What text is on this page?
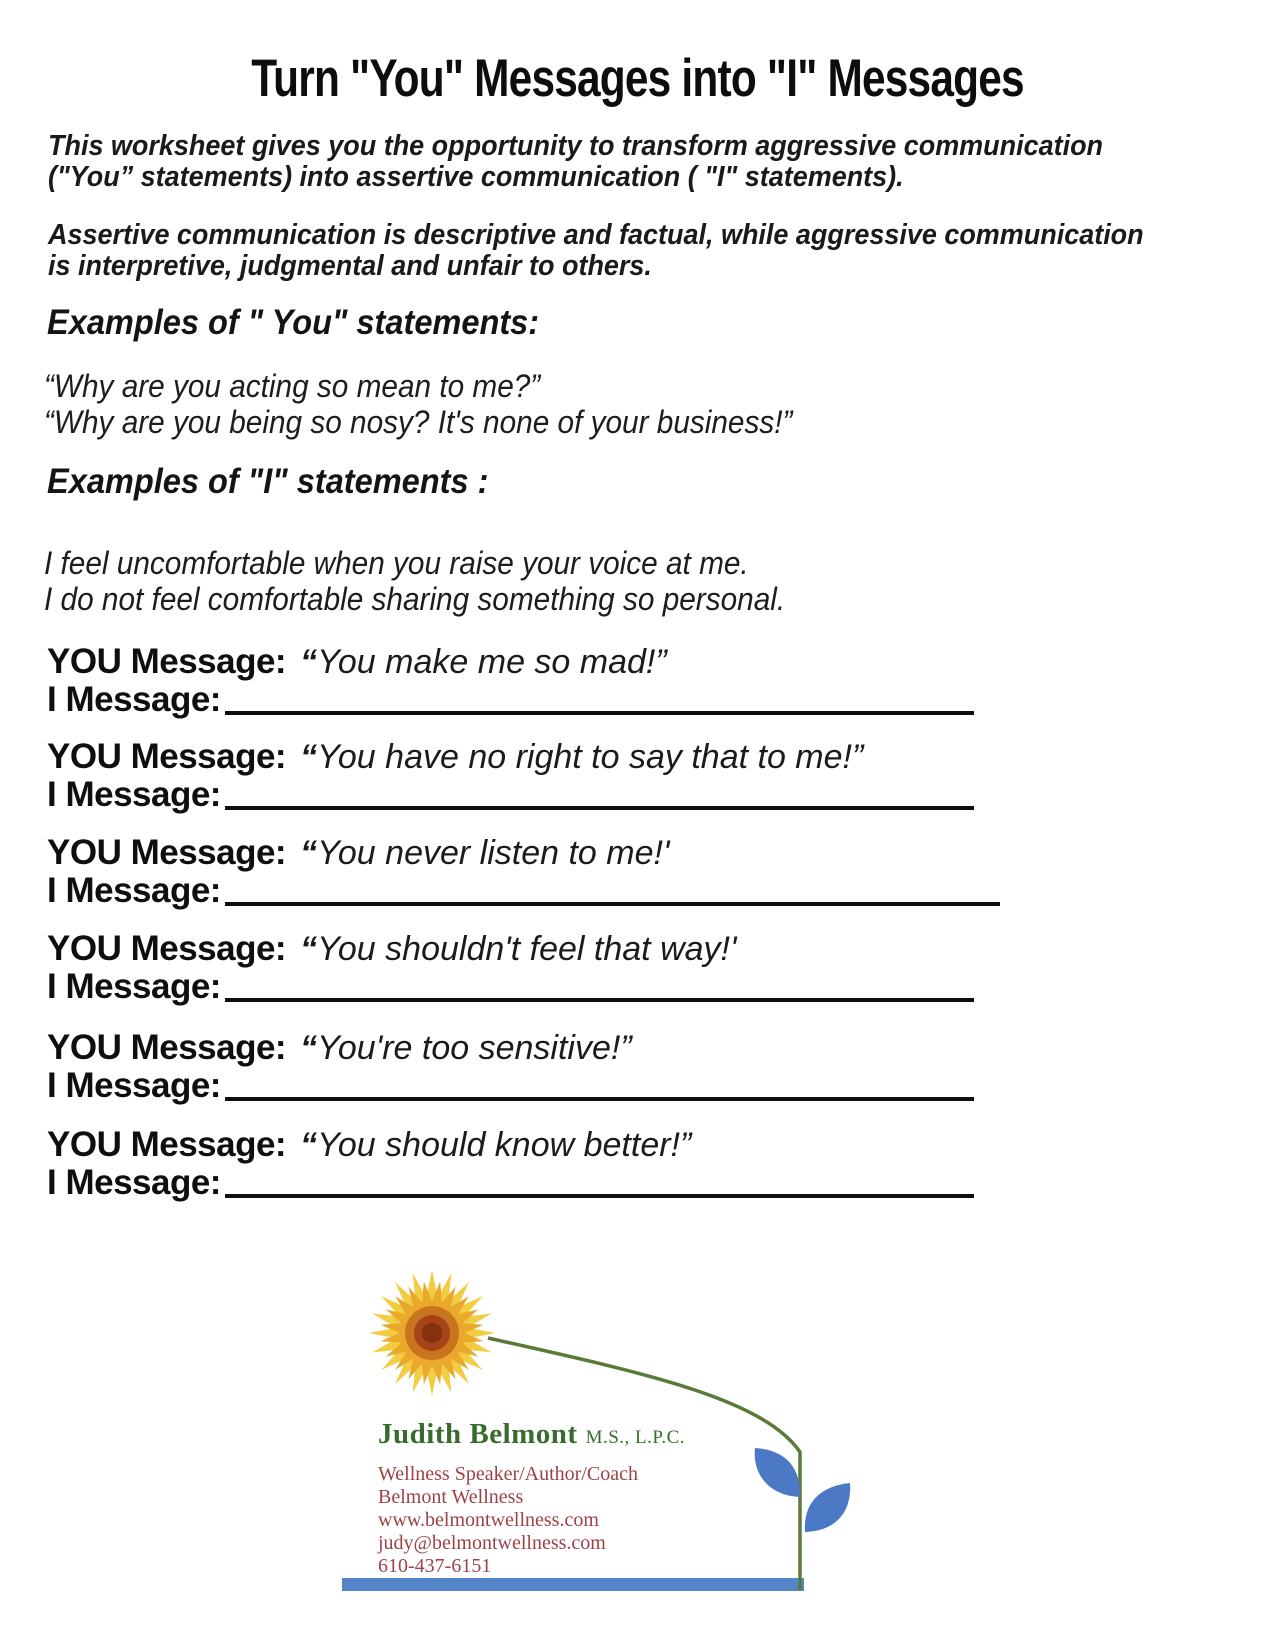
Turn "You" Messages into "I" Messages
This worksheet gives you the opportunity to transform aggressive communication
("You” statements) into assertive communication ( "I" statements).
Assertive communication is descriptive and factual, while aggressive communication
is interpretive, judgmental and unfair to others.
Examples of " You" statements:
“Why are you acting so mean to me?”
“Why are you being so nosy? It's none of your business!”
Examples of "I" statements :
I feel uncomfortable when you raise your voice at me.
I do not feel comfortable sharing something so personal.
YOU Message: “You make me so mad!”
I Message:
YOU Message: “You have no right to say that to me!”
I Message:
YOU Message: “You never listen to me!'
I Message:
YOU Message: “You shouldn't feel that way!'
I Message:
YOU Message: “You're too sensitive!”
I Message:
YOU Message: “You should know better!”
I Message:
Judith Belmont M.S., L.P.C.
Wellness Speaker/Author/Coach
Belmont Wellness
www.belmontwellness.com
judy@belmontwellness.com
610-437-6151
